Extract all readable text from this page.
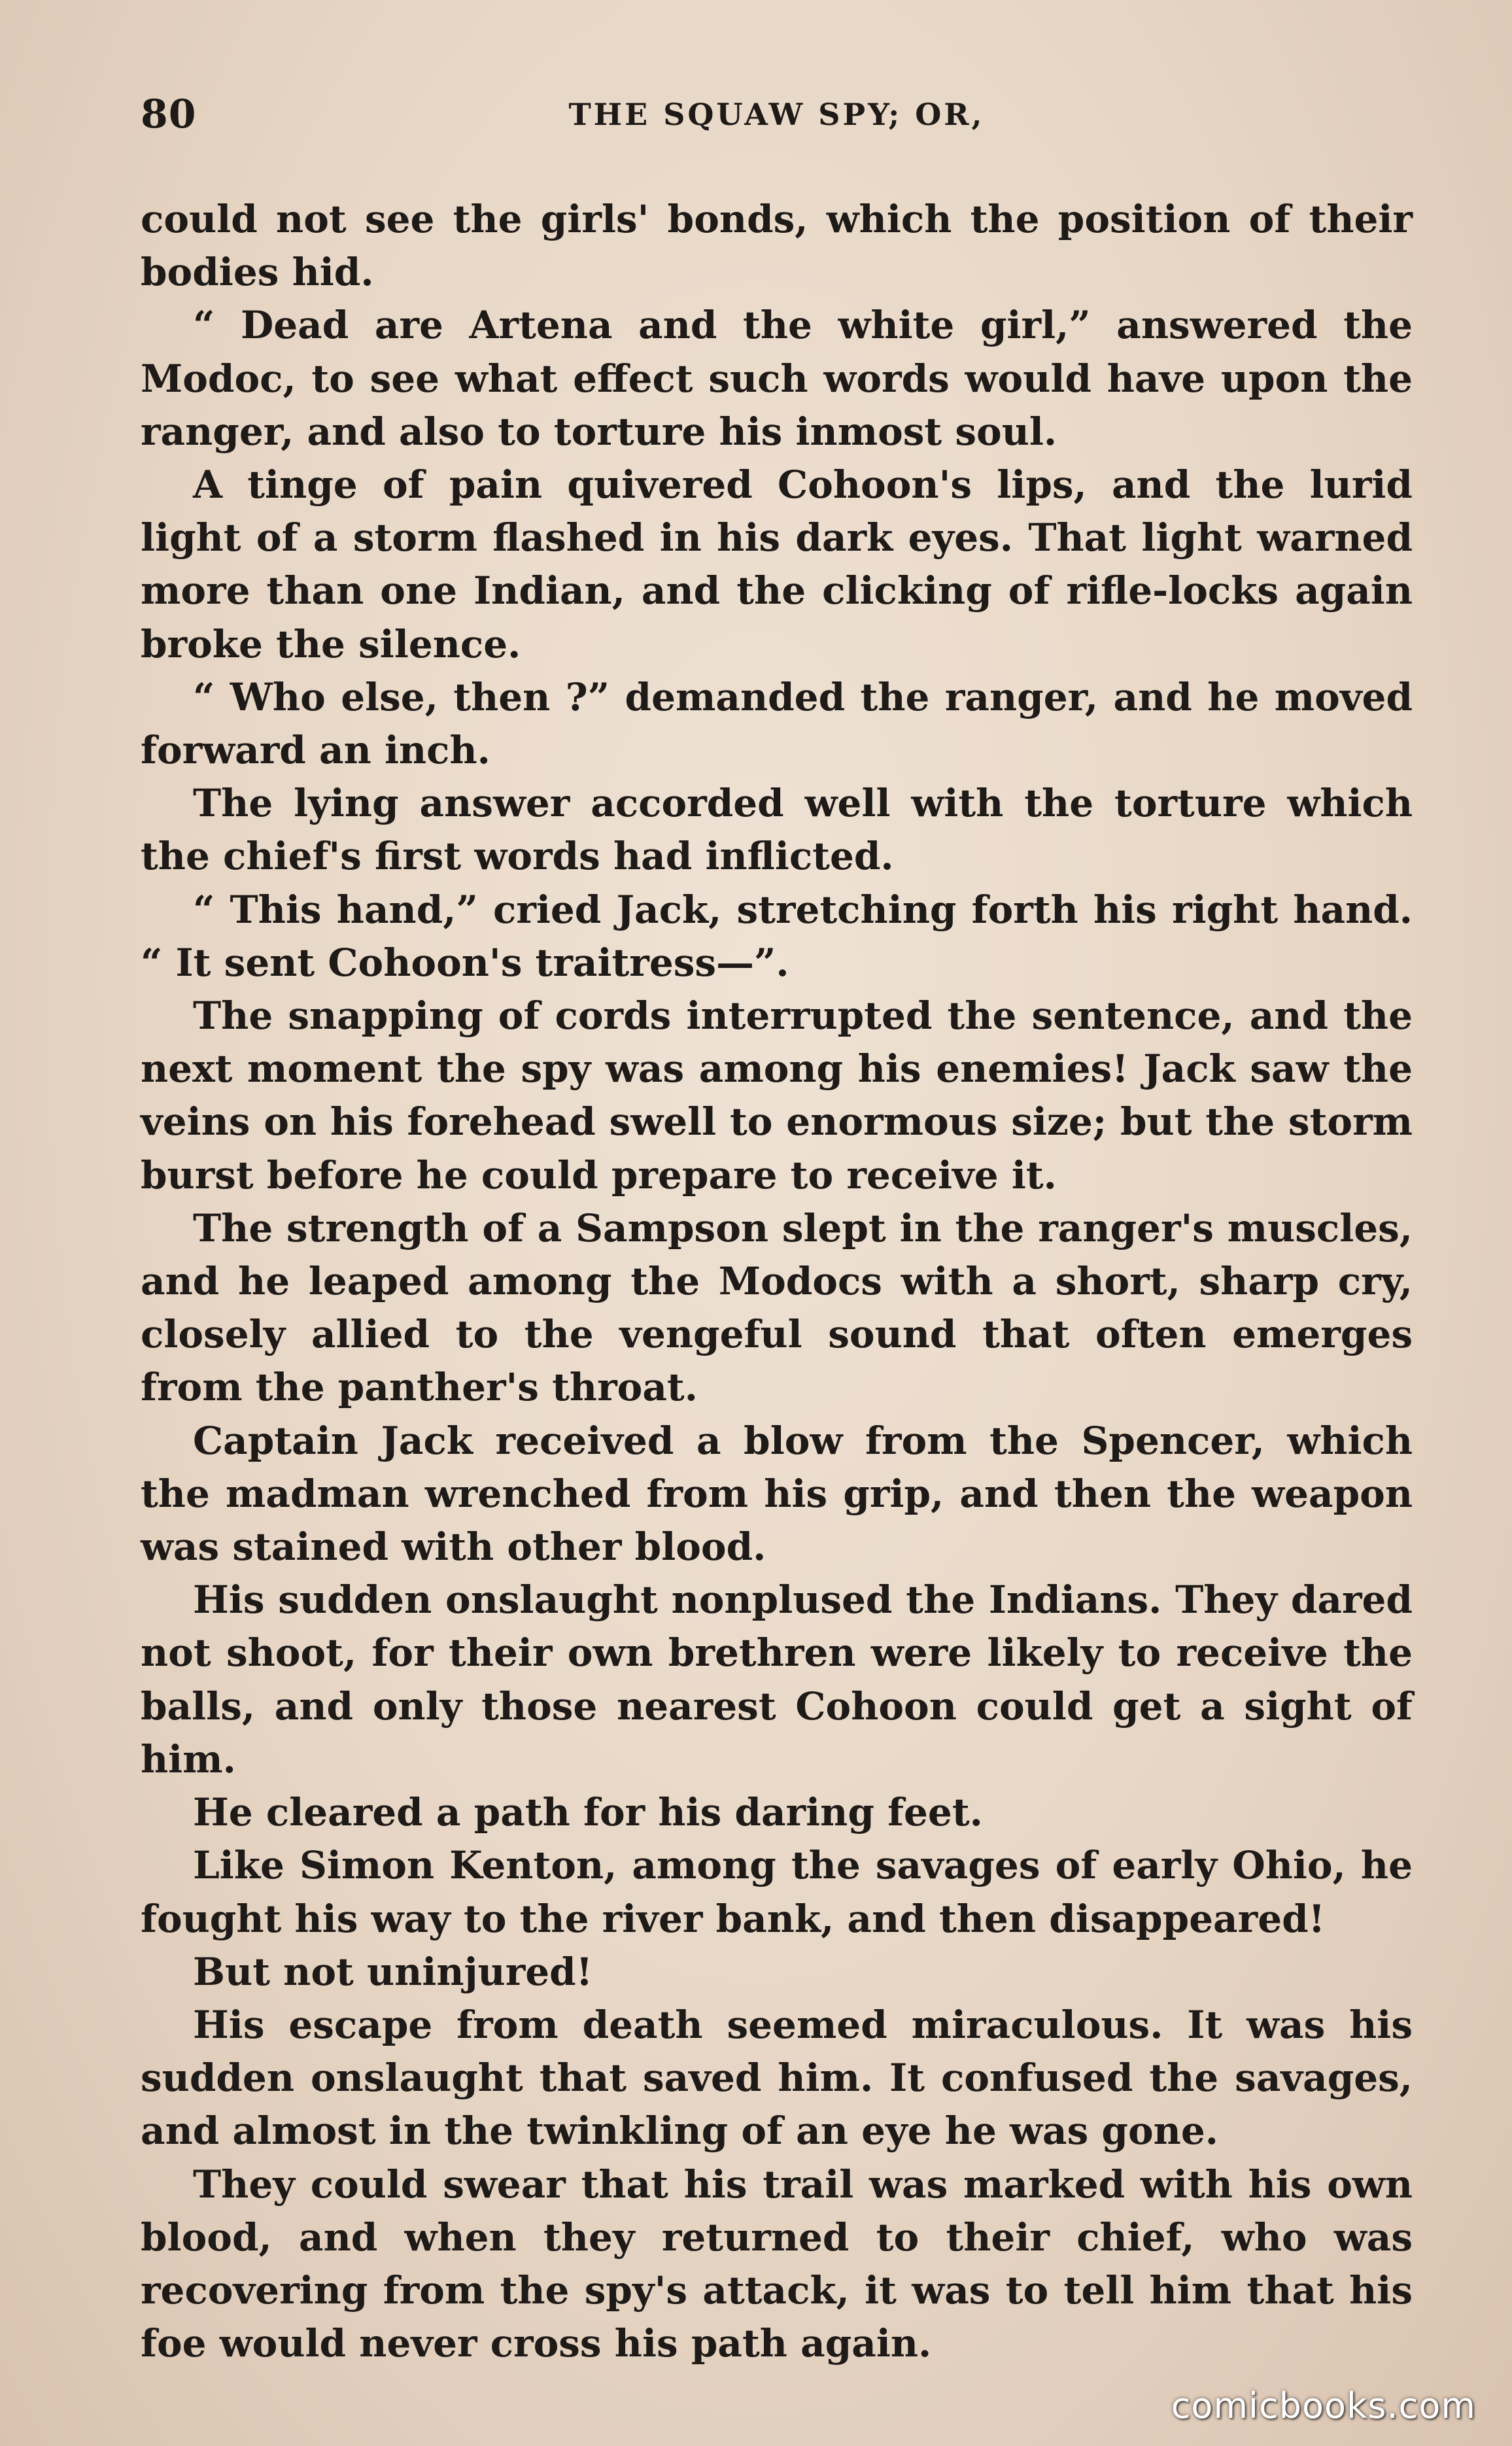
80	THE SQUAW SPY; OR,

could not see the girls' bonds, which the position of their bodies hid.

“ Dead are Artena and the white girl,” answered the Modoc, to see what effect such words would have upon the ranger, and also to torture his inmost soul.

A tinge of pain quivered Cohoon's lips, and the lurid light of a storm flashed in his dark eyes. That light warned more than one Indian, and the clicking of rifle-locks again broke the silence.

“ Who else, then ?” demanded the ranger, and he moved forward an inch.

The lying answer accorded well with the torture which the chief's first words had inflicted.

“ This hand,” cried Jack, stretching forth his right hand. “ It sent Cohoon's traitress—”.

The snapping of cords interrupted the sentence, and the next moment the spy was among his enemies! Jack saw the veins on his forehead swell to enormous size; but the storm burst before he could prepare to receive it.

The strength of a Sampson slept in the ranger's muscles, and he leaped among the Modocs with a short, sharp cry, closely allied to the vengeful sound that often emerges from the panther's throat.

Captain Jack received a blow from the Spencer, which the madman wrenched from his grip, and then the weapon was stained with other blood.

His sudden onslaught nonplused the Indians. They dared not shoot, for their own brethren were likely to receive the balls, and only those nearest Cohoon could get a sight of him.

He cleared a path for his daring feet.

Like Simon Kenton, among the savages of early Ohio, he fought his way to the river bank, and then disappeared!

But not uninjured!

His escape from death seemed miraculous. It was his sudden onslaught that saved him. It confused the savages, and almost in the twinkling of an eye he was gone.

They could swear that his trail was marked with his own blood, and when they returned to their chief, who was recovering from the spy's attack, it was to tell him that his foe would never cross his path again.

comicbooks.com
